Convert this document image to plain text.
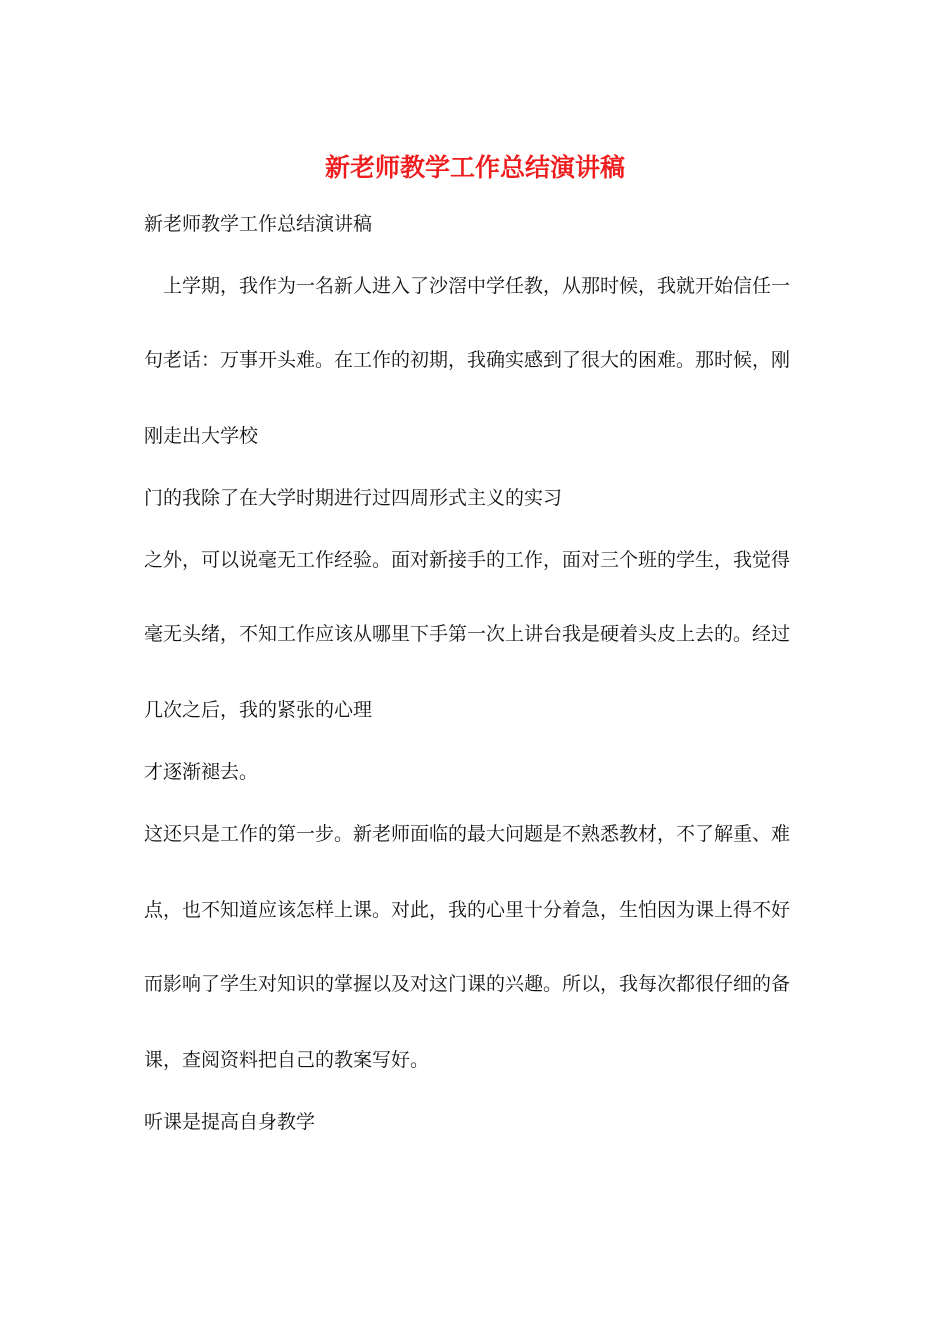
新老师教学工作总结演讲稿
新老师教学工作总结演讲稿
　上学期，我作为一名新人进入了沙滘中学任教，从那时候，我就开始信任一
句老话：万事开头难。在工作的初期，我确实感到了很大的困难。那时候，刚
刚走出大学校
门的我除了在大学时期进行过四周形式主义的实习
之外，可以说毫无工作经验。面对新接手的工作，面对三个班的学生，我觉得
毫无头绪，不知工作应该从哪里下手第一次上讲台我是硬着头皮上去的。经过
几次之后，我的紧张的心理
才逐渐褪去。
这还只是工作的第一步。新老师面临的最大问题是不熟悉教材，不了解重、难
点，也不知道应该怎样上课。对此，我的心里十分着急，生怕因为课上得不好
而影响了学生对知识的掌握以及对这门课的兴趣。所以，我每次都很仔细的备
课，查阅资料把自己的教案写好。
听课是提高自身教学
